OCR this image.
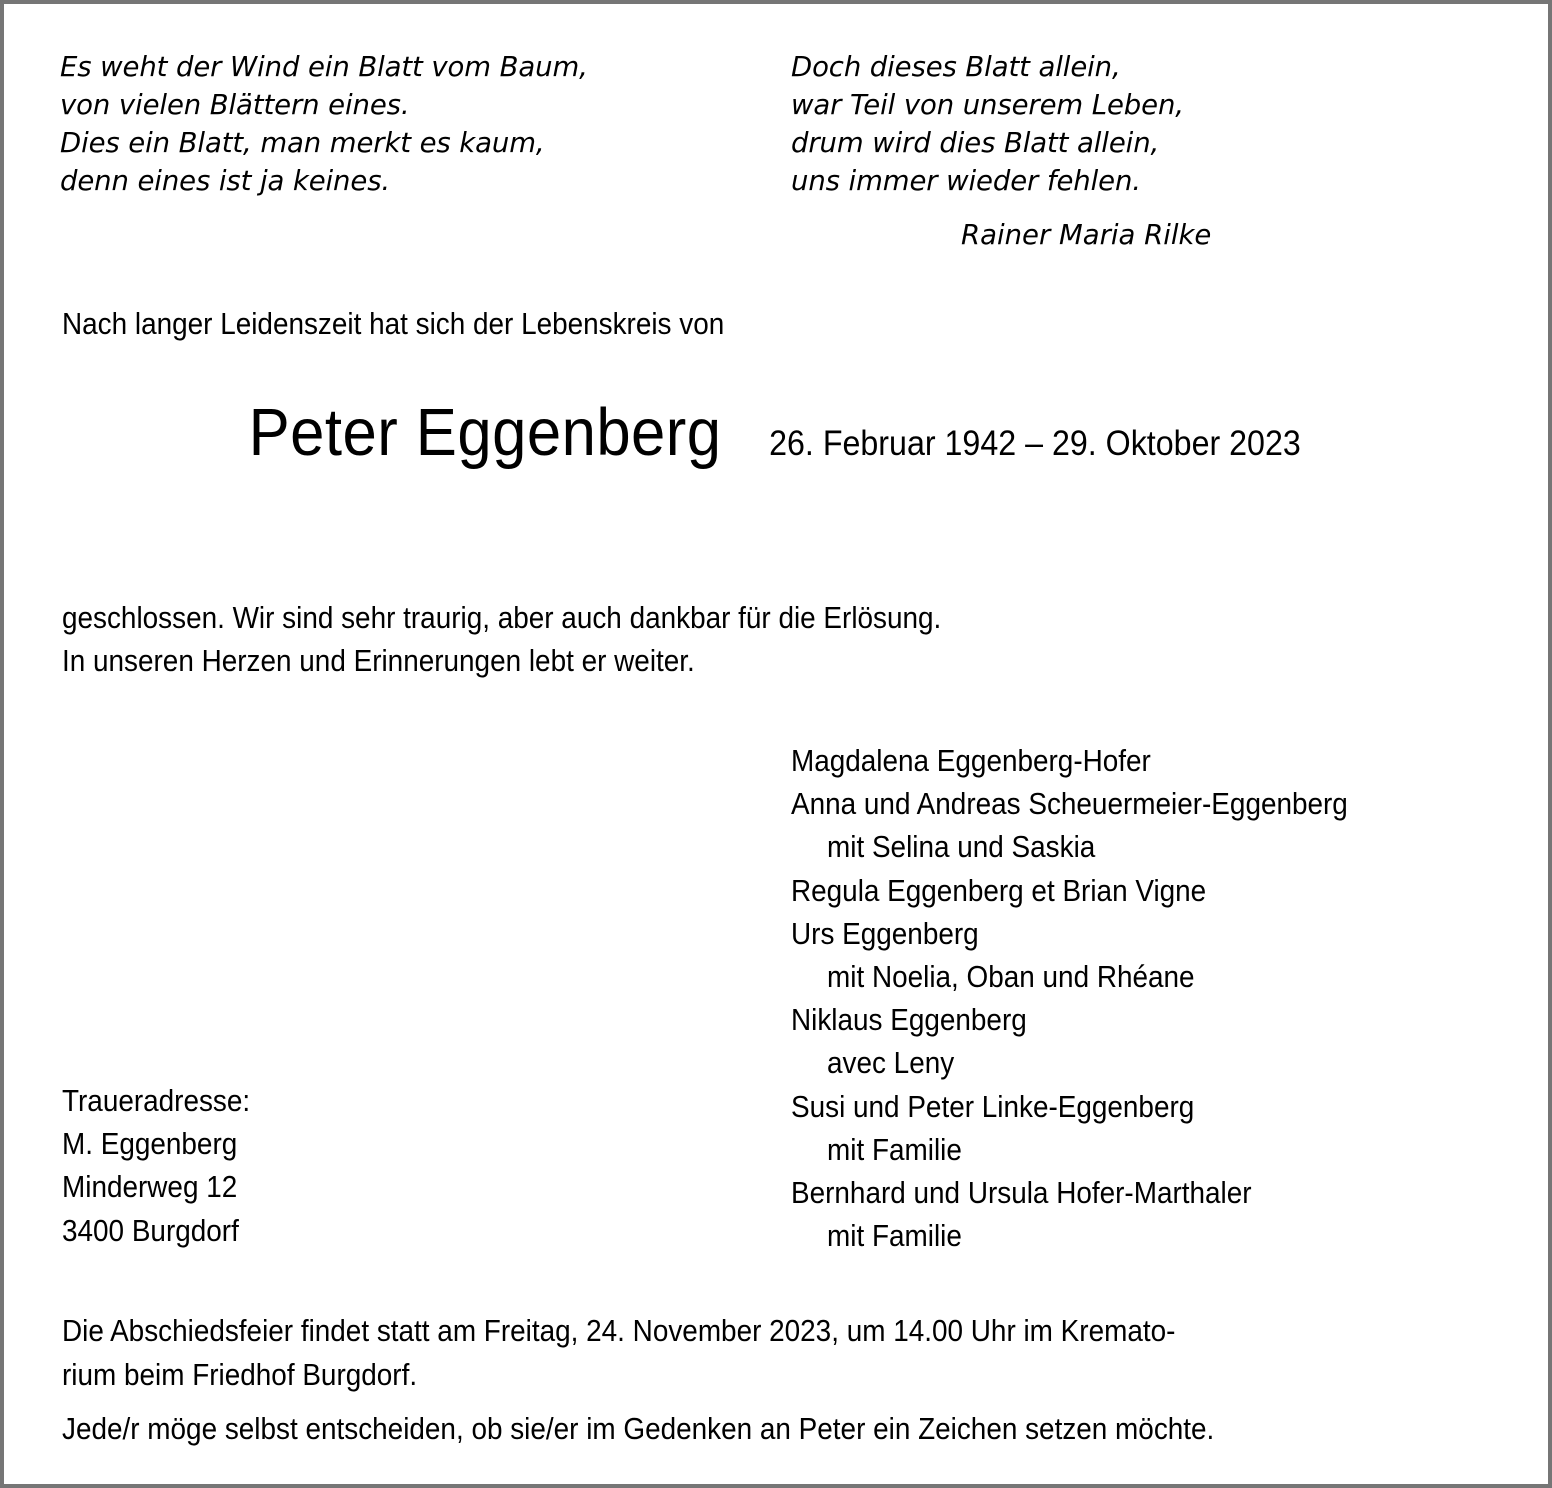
Es weht der Wind ein Blatt vom Baum,
von vielen Blättern eines.
Dies ein Blatt, man merkt es kaum,
denn eines ist ja keines.
Doch dieses Blatt allein,
war Teil von unserem Leben,
drum wird dies Blatt allein,
uns immer wieder fehlen.
Rainer Maria Rilke
Nach langer Leidenszeit hat sich der Lebenskreis von
Peter Eggenberg 26. Februar 1942 – 29. Oktober 2023
geschlossen. Wir sind sehr traurig, aber auch dankbar für die Erlösung.
In unseren Herzen und Erinnerungen lebt er weiter.
Magdalena Eggenberg-Hofer
Anna und Andreas Scheuermeier-Eggenberg
mit Selina und Saskia
Regula Eggenberg et Brian Vigne
Urs Eggenberg
mit Noelia, Oban und Rhéane
Niklaus Eggenberg
avec Leny
Susi und Peter Linke-Eggenberg
mit Familie
Bernhard und Ursula Hofer-Marthaler
mit Familie
Traueradresse:
M. Eggenberg
Minderweg 12
3400 Burgdorf
Die Abschiedsfeier findet statt am Freitag, 24. November 2023, um 14.00 Uhr im Kremato-
rium beim Friedhof Burgdorf.
Jede/r möge selbst entscheiden, ob sie/er im Gedenken an Peter ein Zeichen setzen möchte.
